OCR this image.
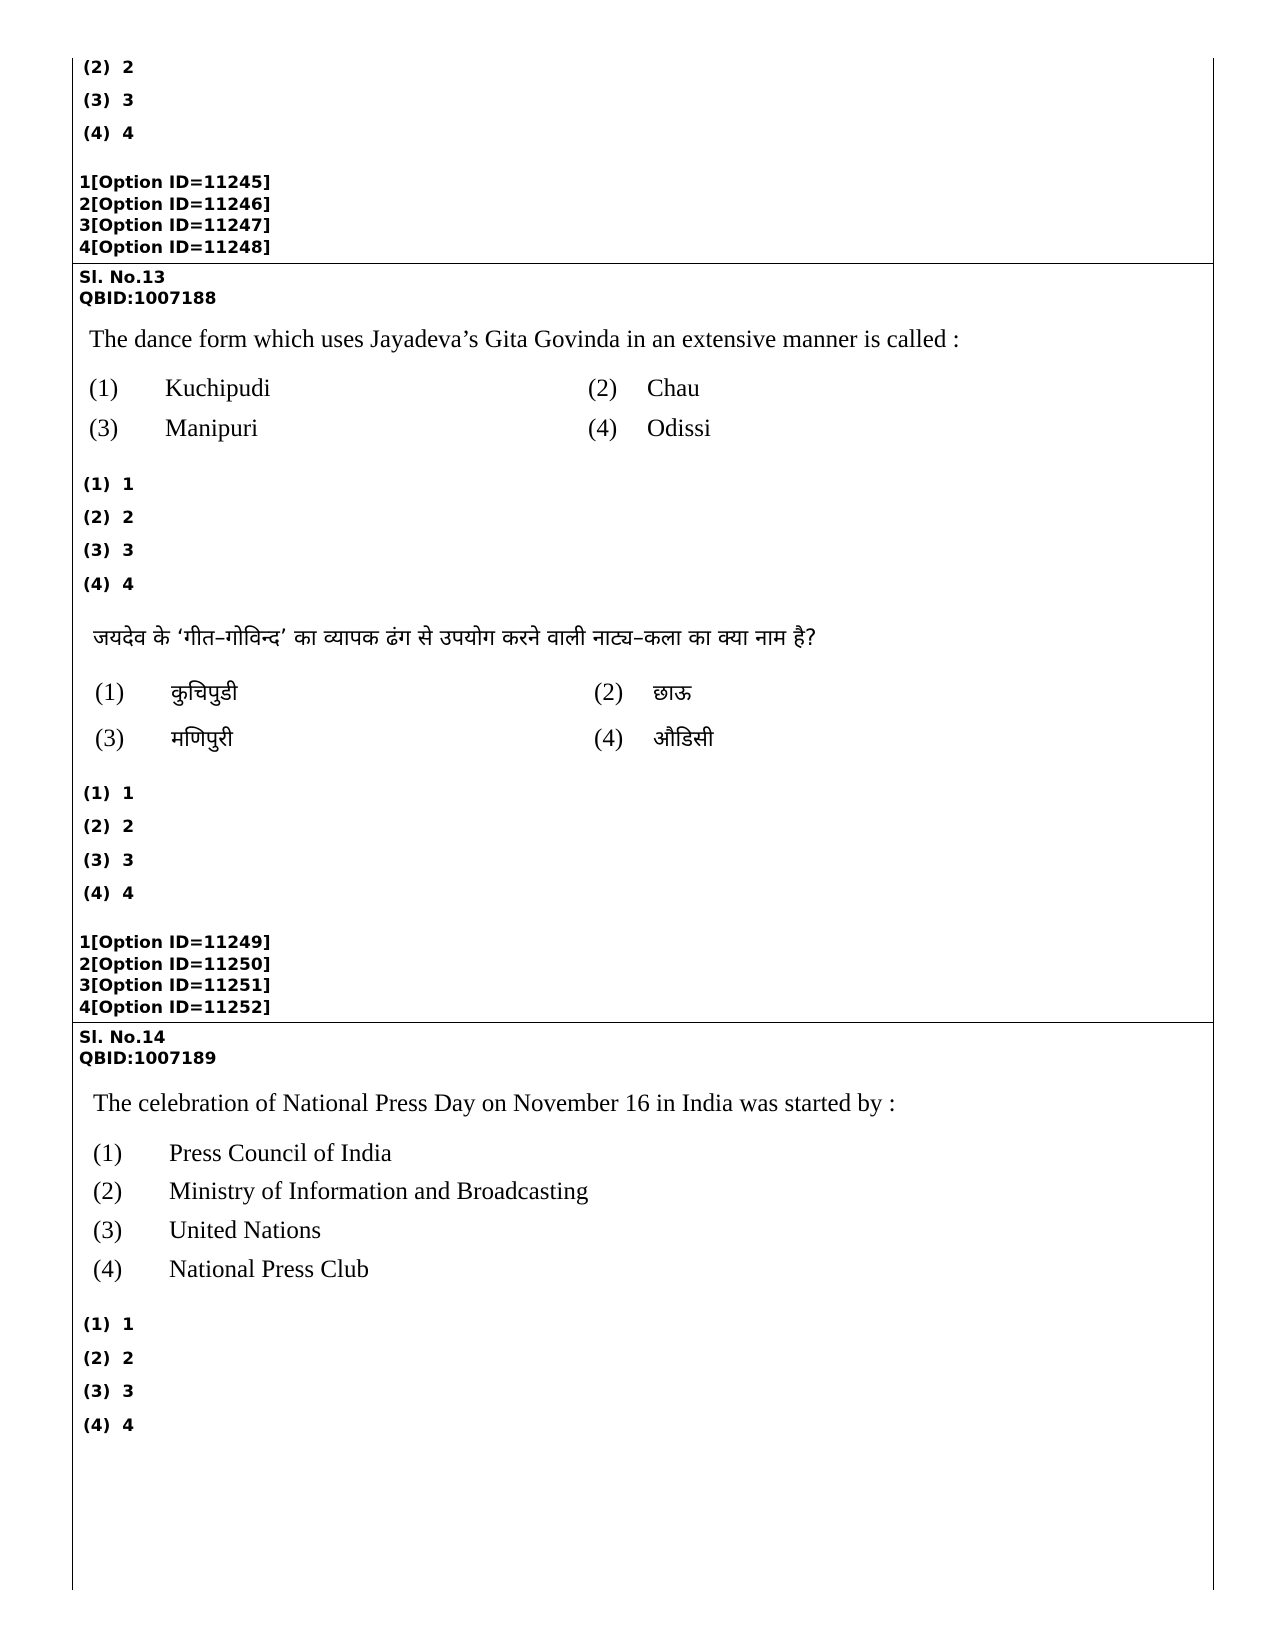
(2)  2
(3)  3
(4)  4
1[Option ID=11245]
2[Option ID=11246]
3[Option ID=11247]
4[Option ID=11248]
Sl. No.13
QBID:1007188
The dance form which uses Jayadeva’s Gita Govinda in an extensive manner is called :
(1) Kuchipudi	(2) Chau
(3) Manipuri	(4) Odissi
(1)  1
(2)  2
(3)  3
(4)  4
जयदेव के ‘गीत–गोविन्द’ का व्यापक ढंग से उपयोग करने वाली नाट्य–कला का क्या नाम है?
(1) कुचिपुडी	(2) छाऊ
(3) मणिपुरी	(4) औडिसी
(1)  1
(2)  2
(3)  3
(4)  4
1[Option ID=11249]
2[Option ID=11250]
3[Option ID=11251]
4[Option ID=11252]
Sl. No.14
QBID:1007189
The celebration of National Press Day on November 16 in India was started by :
(1) Press Council of India
(2) Ministry of Information and Broadcasting
(3) United Nations
(4) National Press Club
(1)  1
(2)  2
(3)  3
(4)  4
